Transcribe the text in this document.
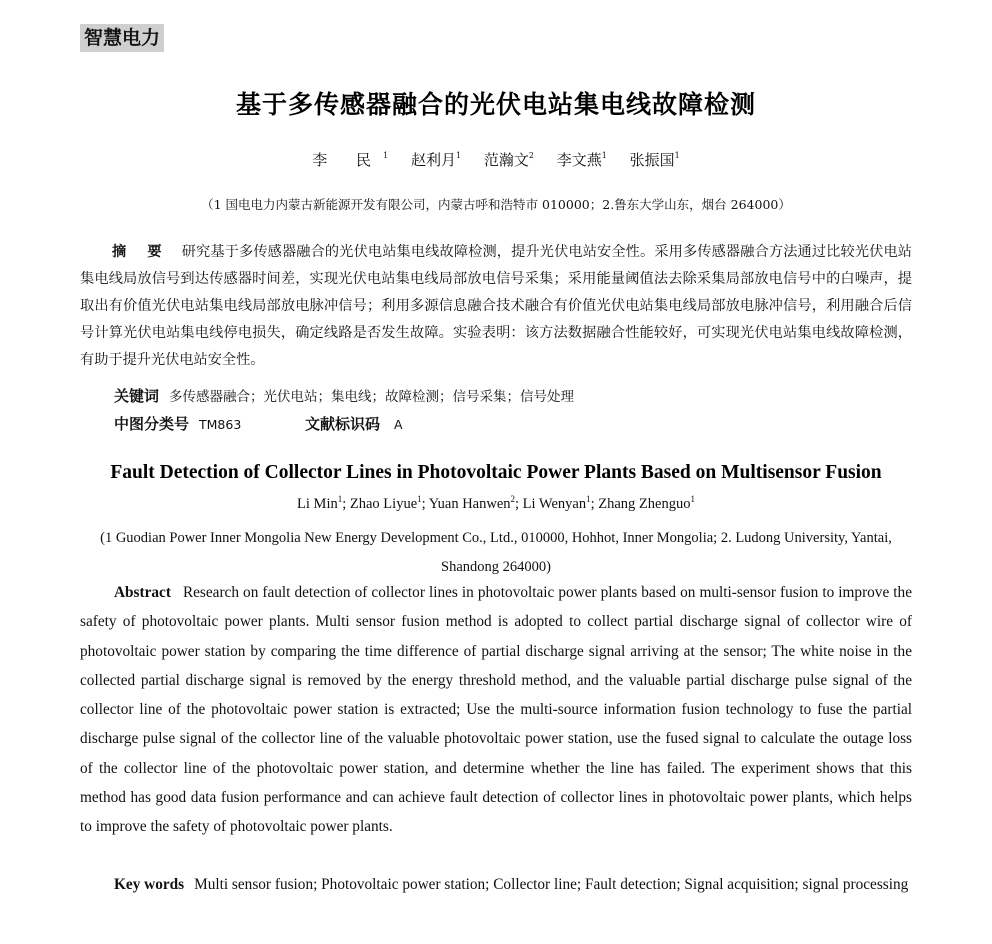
智慧电力
基于多传感器融合的光伏电站集电线故障检测
李 民$^1$ 赵利月$^1$ 范瀚文$^2$ 李文燕$^1$ 张振国$^1$
（1 国电电力内蒙古新能源开发有限公司，内蒙古呼和浩特市 010000；2.鲁东大学山东，烟台 264000）
摘 要 研究基于多传感器融合的光伏电站集电线故障检测，提升光伏电站安全性。采用多传感器融合方法通过比较光伏电站集电线局放信号到达传感器时间差，实现光伏电站集电线局部放电信号采集；采用能量阈值法去除采集局部放电信号中的白噪声，提取出有价值光伏电站集电线局部放电脉冲信号；利用多源信息融合技术融合有价值光伏电站集电线局部放电脉冲信号，利用融合后信号计算光伏电站集电线停电损失，确定线路是否发生故障。实验表明：该方法数据融合性能较好，可实现光伏电站集电线故障检测，有助于提升光伏电站安全性。
关键词 多传感器融合；光伏电站；集电线；故障检测；信号采集；信号处理
中图分类号 TM863	文献标识码 A
Fault Detection of Collector Lines in Photovoltaic Power Plants Based on Multisensor Fusion
Li Min$^1$; Zhao Liyue$^1$; Yuan Hanwen$^2$; Li Wenyan$^1$; Zhang Zhenguo$^1$
(1 Guodian Power Inner Mongolia New Energy Development Co., Ltd., 010000, Hohhot, Inner Mongolia; 2. Ludong University, Yantai, Shandong 264000)
Abstract Research on fault detection of collector lines in photovoltaic power plants based on multi-sensor fusion to improve the safety of photovoltaic power plants. Multi sensor fusion method is adopted to collect partial discharge signal of collector wire of photovoltaic power station by comparing the time difference of partial discharge signal arriving at the sensor; The white noise in the collected partial discharge signal is removed by the energy threshold method, and the valuable partial discharge pulse signal of the collector line of the photovoltaic power station is extracted; Use the multi-source information fusion technology to fuse the partial discharge pulse signal of the collector line of the valuable photovoltaic power station, use the fused signal to calculate the outage loss of the collector line of the photovoltaic power station, and determine whether the line has failed. The experiment shows that this method has good data fusion performance and can achieve fault detection of collector lines in photovoltaic power plants, which helps to improve the safety of photovoltaic power plants.
Key words Multi sensor fusion; Photovoltaic power station; Collector line; Fault detection; Signal acquisition; signal processing
